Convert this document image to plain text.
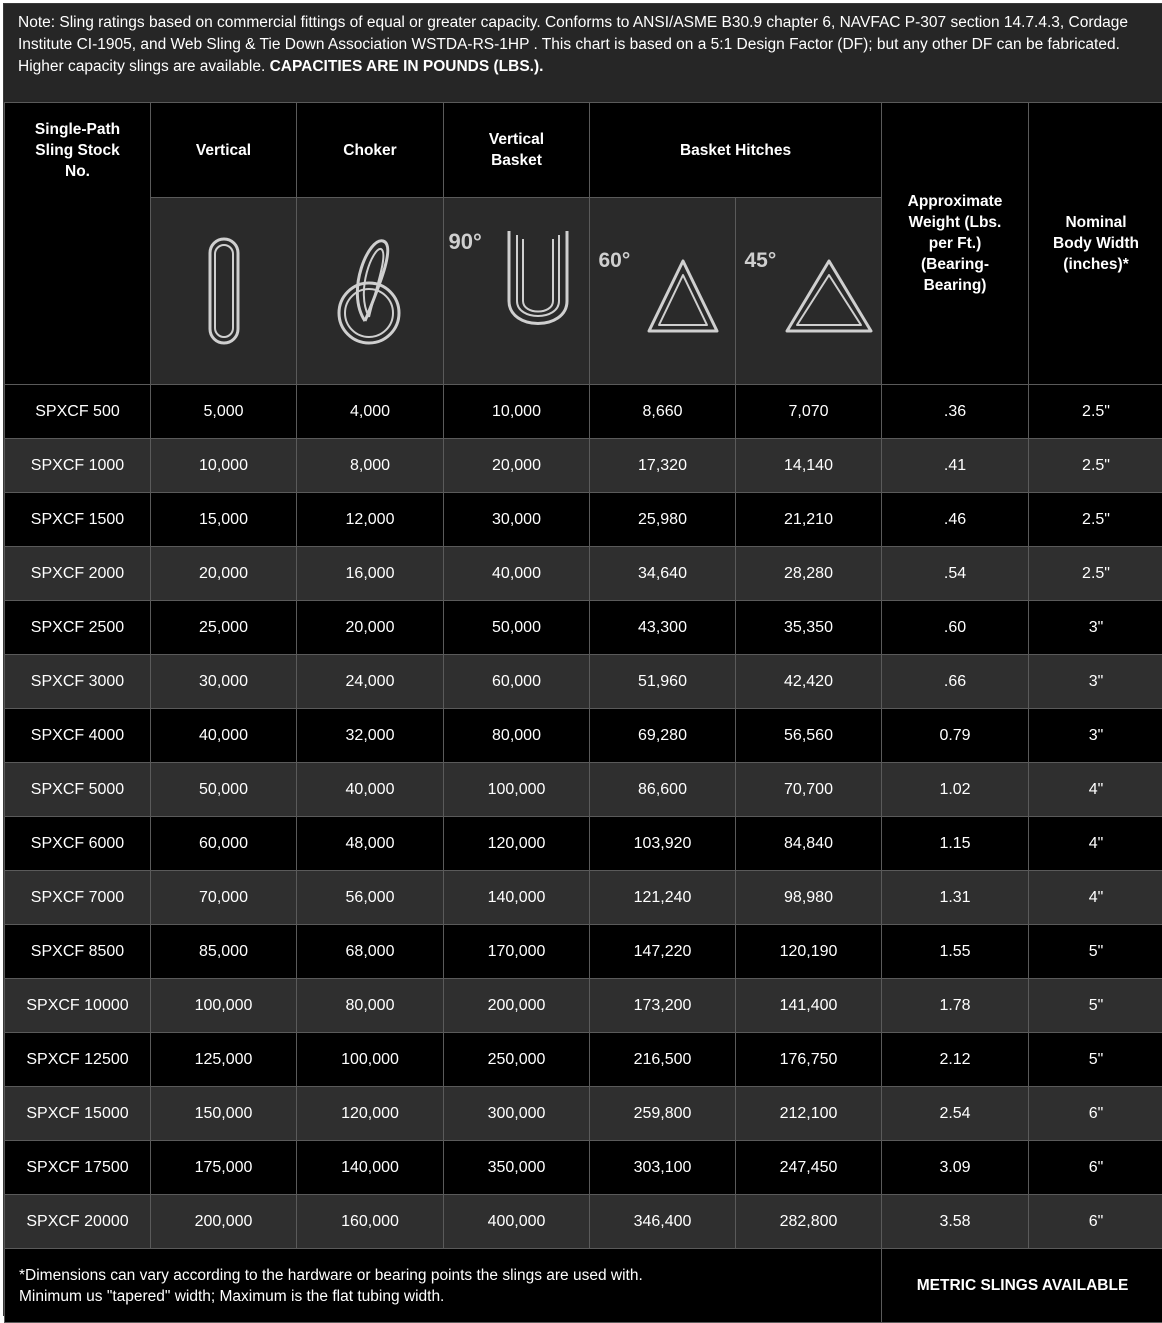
Note: Sling ratings based on commercial fittings of equal or greater capacity. Conforms to ANSI/ASME B30.9 chapter 6, NAVFAC P-307 section 14.7.4.3, Cordage Institute CI-1905, and Web Sling & Tie Down Association WSTDA-RS-1HP . This chart is based on a 5:1 Design Factor (DF); but any other DF can be fabricated. Higher capacity slings are available. CAPACITIES ARE IN POUNDS (LBS.).
Single-Path Sling Stock No.	Vertical	Choker	Vertical Basket	Basket Hitches		Approximate Weight (Lbs. per Ft.) (Bearing-Bearing)	Nominal Body Width (inches)*

90°	60°	45°		

SPXCF 500	5,000	4,000	10,000	8,660	7,070	.36	2.5"
SPXCF 1000	10,000	8,000	20,000	17,320	14,140	.41	2.5"
SPXCF 1500	15,000	12,000	30,000	25,980	21,210	.46	2.5"
SPXCF 2000	20,000	16,000	40,000	34,640	28,280	.54	2.5"
SPXCF 2500	25,000	20,000	50,000	43,300	35,350	.60	3"
SPXCF 3000	30,000	24,000	60,000	51,960	42,420	.66	3"
SPXCF 4000	40,000	32,000	80,000	69,280	56,560	0.79	3"
SPXCF 5000	50,000	40,000	100,000	86,600	70,700	1.02	4"
SPXCF 6000	60,000	48,000	120,000	103,920	84,840	1.15	4"
SPXCF 7000	70,000	56,000	140,000	121,240	98,980	1.31	4"
SPXCF 8500	85,000	68,000	170,000	147,220	120,190	1.55	5"
SPXCF 10000	100,000	80,000	200,000	173,200	141,400	1.78	5"
SPXCF 12500	125,000	100,000	250,000	216,500	176,750	2.12	5"
SPXCF 15000	150,000	120,000	300,000	259,800	212,100	2.54	6"
SPXCF 17500	175,000	140,000	350,000	303,100	247,450	3.09	6"
SPXCF 20000	200,000	160,000	400,000	346,400	282,800	3.58	6"

*Dimensions can vary according to the hardware or bearing points the slings are used with.
Minimum us "tapered" width; Maximum is the flat tubing width.						METRIC SLINGS AVAILABLE	
